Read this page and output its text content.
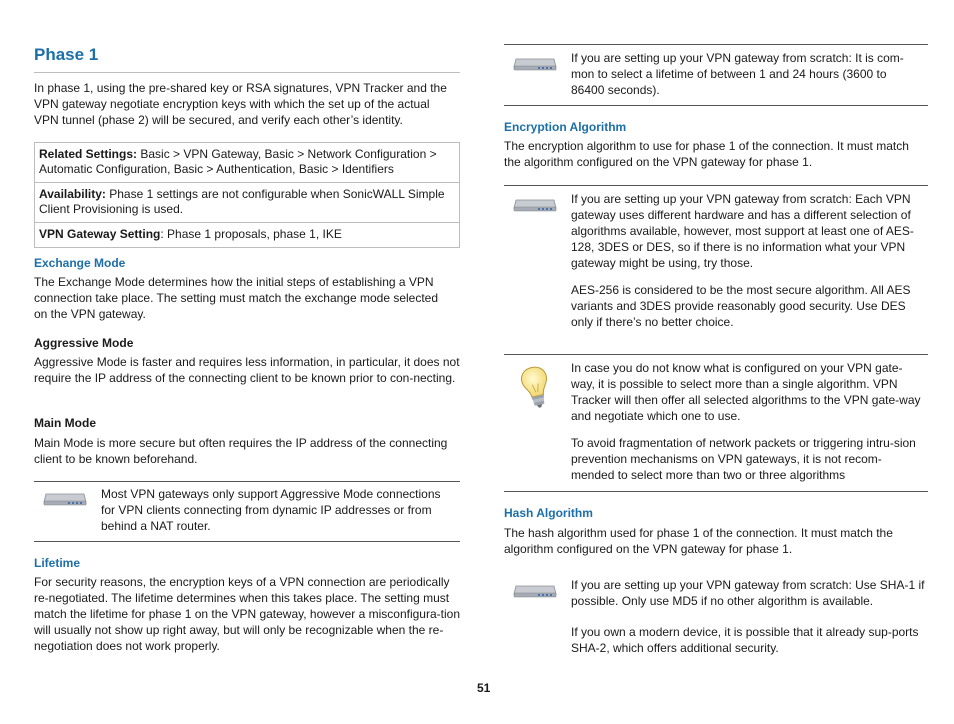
Phase 1

In phase 1, using the pre-shared key or RSA signatures, VPN Tracker and the VPN gateway negotiate encryption keys with which the set up of the actual VPN tunnel (phase 2) will be secured, and verify each other’s identity.

Related Settings: Basic > VPN Gateway, Basic > Network Configuration > Automatic Configuration, Basic > Authentication, Basic > Identifiers
Availability: Phase 1 settings are not configurable when SonicWALL Simple Client Provisioning is used.
VPN Gateway Setting: Phase 1 proposals, phase 1, IKE
Exchange Mode

The Exchange Mode determines how the initial steps of establishing a VPN connection take place. The setting must match the exchange mode selected on the VPN gateway.

Aggressive Mode

Aggressive Mode is faster and requires less information, in particular, it does not require the IP address of the connecting client to be known prior to con-necting.

Main Mode

Main Mode is more secure but often requires the IP address of the connecting client to be known beforehand.

Most VPN gateways only support Aggressive Mode connections for VPN clients connecting from dynamic IP addresses or from behind a NAT router.

Lifetime

For security reasons, the encryption keys of a VPN connection are periodically re-negotiated. The lifetime determines when this takes place. The setting must match the lifetime for phase 1 on the VPN gateway, however a misconfigura-tion will usually not show up right away, but will only be recognizable when the re-negotiation does not work properly.

If you are setting up your VPN gateway from scratch: It is com-mon to select a lifetime of between 1 and 24 hours (3600 to 86400 seconds).

Encryption Algorithm

The encryption algorithm to use for phase 1 of the connection. It must match the algorithm configured on the VPN gateway for phase 1.

If you are setting up your VPN gateway from scratch: Each VPN gateway uses different hardware and has a different selection of algorithms available, however, most support at least one of AES-128, 3DES or DES, so if there is no information what your VPN gateway might be using, try those.

AES-256 is considered to be the most secure algorithm. All AES variants and 3DES provide reasonably good security. Use DES only if there’s no better choice.

In case you do not know what is configured on your VPN gate-way, it is possible to select more than a single algorithm. VPN Tracker will then offer all selected algorithms to the VPN gate-way and negotiate which one to use.

To avoid fragmentation of network packets or triggering intru-sion prevention mechanisms on VPN gateways, it is not recom-mended to select more than two or three algorithms

Hash Algorithm

The hash algorithm used for phase 1 of the connection. It must match the algorithm configured on the VPN gateway for phase 1.

If you are setting up your VPN gateway from scratch: Use SHA-1 if possible. Only use MD5 if no other algorithm is available.

If you own a modern device, it is possible that it already sup-ports SHA-2, which offers additional security.

51
